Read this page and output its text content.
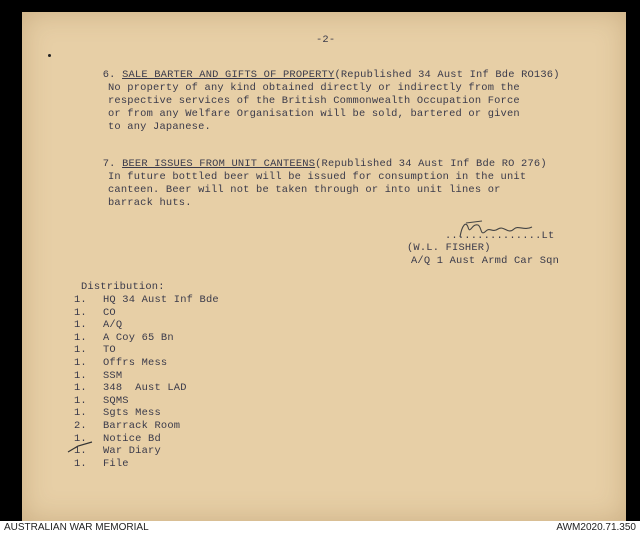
-2-

6. SALE BARTER AND GIFTS OF PROPERTY(Republished 34 Aust Inf Bde RO136)

No property of any kind obtained directly or indirectly from the
respective services of the British Commonwealth Occupation Force
or from any Welfare Organisation will be sold, bartered or given
to any Japanese.

7. BEER ISSUES FROM UNIT CANTEENS(Republished 34 Aust Inf Bde RO 276)

In future bottled beer will be issued for consumption in the unit
canteen. Beer will not be taken through or into unit lines or
barrack huts.
...............Lt
(W.L. FISHER)
A/Q 1 Aust Armd Car Sqn
Distribution:
1. HQ 34 Aust Inf Bde
1. CO
1. A/Q
1. A Coy 65 Bn
1. TO
1. Offrs Mess
1. SSM
1. 348  Aust LAD
1. SQMS
1. Sgts Mess
2. Barrack Room
1. Notice Bd
1. War Diary
1. File
AUSTRALIAN WAR MEMORIAL	AWM2020.71.350
